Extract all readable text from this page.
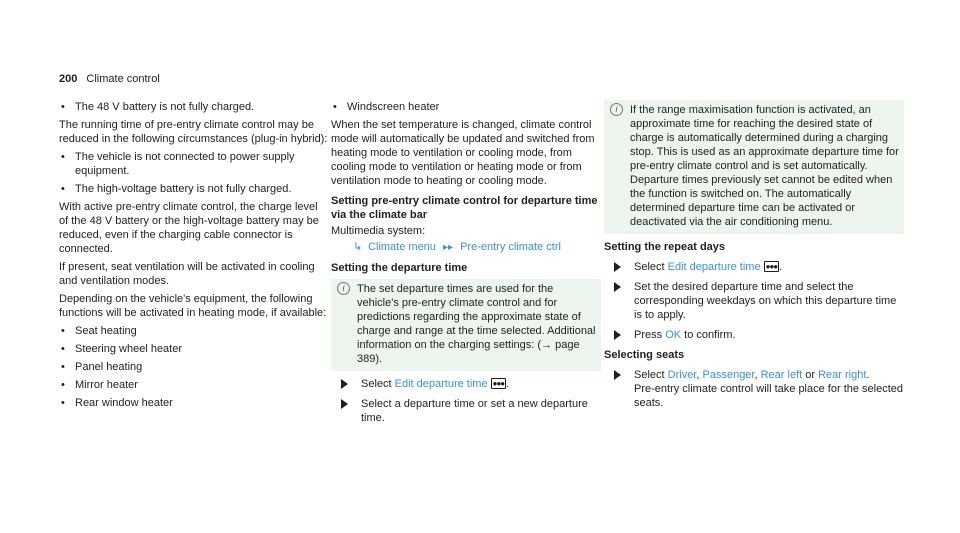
200 Climate control
• The 48 V battery is not fully charged.

The running time of pre-entry climate control may be reduced in the following circumstances (plug-in hybrid):

• The vehicle is not connected to power supply equipment.
• The high-voltage battery is not fully charged.

With active pre-entry climate control, the charge level of the 48 V battery or the high-voltage battery may be reduced, even if the charging cable connector is connected.

If present, seat ventilation will be activated in cooling and ventilation modes.

Depending on the vehicle's equipment, the following functions will be activated in heating mode, if available:

• Seat heating
• Steering wheel heater
• Panel heating
• Mirror heater
• Rear window heater
• Windscreen heater

When the set temperature is changed, climate control mode will automatically be updated and switched from heating mode to ventilation or cooling mode, from cooling mode to ventilation or heating mode or from ventilation mode to heating or cooling mode.

Setting pre-entry climate control for departure time via the climate bar
Multimedia system:
↳ Climate menu ▸▸ Pre-entry climate ctrl
Setting the departure time
i	The set departure times are used for the vehicle's pre-entry climate control and for predictions regarding the approximate state of charge and range at the time selected. Additional information on the charging settings: (→ page 389).
Select Edit departure time ●●● .
Select a departure time or set a new departure time.
i	If the range maximisation function is activated, an approximate time for reaching the desired state of charge is automatically determined during a charging stop. This is used as an approximate departure time for pre-entry climate control and is set automatically. Departure times previously set cannot be edited when the function is switched on. The automatically determined departure time can be activated or deactivated via the air conditioning menu.
Setting the repeat days
Select Edit departure time ●●● .
Set the desired departure time and select the corresponding weekdays on which this departure time is to apply.
Press OK to confirm.
Selecting seats
Select Driver, Passenger, Rear left or Rear right.
Pre-entry climate control will take place for the selected seats.
